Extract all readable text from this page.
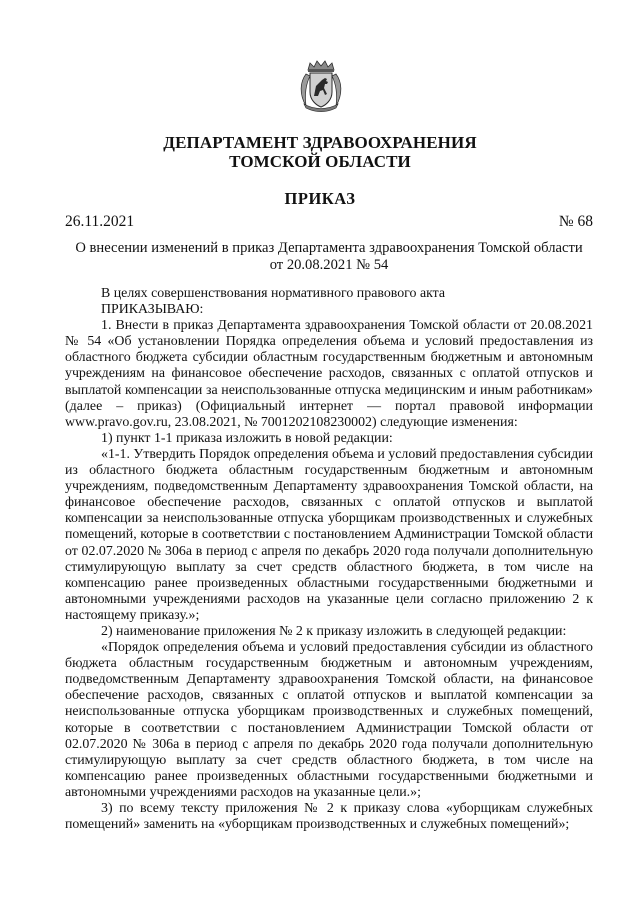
ДЕПАРТАМЕНТ ЗДРАВООХРАНЕНИЯ
ТОМСКОЙ ОБЛАСТИ
ПРИКАЗ
26.11.2021	№ 68
О внесении изменений в приказ Департамента здравоохранения Томской области
от 20.08.2021 № 54

В целях совершенствования нормативного правового акта

ПРИКАЗЫВАЮ:

1. Внести в приказ Департамента здравоохранения Томской области от 20.08.2021 № 54 «Об установлении Порядка определения объема и условий предоставления из областного бюджета субсидии областным государственным бюджетным и автономным учреждениям на финансовое обеспечение расходов, связанных с оплатой отпусков и выплатой компенсации за неиспользованные отпуска медицинским и иным работникам» (далее – приказ) (Официальный интернет — портал правовой информации www.pravo.gov.ru, 23.08.2021, № 7001202108230002) следующие изменения:

1) пункт 1-1 приказа изложить в новой редакции:

«1-1. Утвердить Порядок определения объема и условий предоставления субсидии из областного бюджета областным государственным бюджетным и автономным учреждениям, подведомственным Департаменту здравоохранения Томской области, на финансовое обеспечение расходов, связанных с оплатой отпусков и выплатой компенсации за неиспользованные отпуска уборщикам производственных и служебных помещений, которые в соответствии с постановлением Администрации Томской области от 02.07.2020 № 306а в период с апреля по декабрь 2020 года получали дополнительную стимулирующую выплату за счет средств областного бюджета, в том числе на компенсацию ранее произведенных областными государственными бюджетными и автономными учреждениями расходов на указанные цели согласно приложению 2 к настоящему приказу.»;

2) наименование приложения № 2 к приказу изложить в следующей редакции:

«Порядок определения объема и условий предоставления субсидии из областного бюджета областным государственным бюджетным и автономным учреждениям, подведомственным Департаменту здравоохранения Томской области, на финансовое обеспечение расходов, связанных с оплатой отпусков и выплатой компенсации за неиспользованные отпуска уборщикам производственных и служебных помещений, которые в соответствии с постановлением Администрации Томской области от 02.07.2020 № 306а в период с апреля по декабрь 2020 года получали дополнительную стимулирующую выплату за счет средств областного бюджета, в том числе на компенсацию ранее произведенных областными государственными бюджетными и автономными учреждениями расходов на указанные цели.»;

3) по всему тексту приложения № 2 к приказу слова «уборщикам служебных помещений» заменить на «уборщикам производственных и служебных помещений»;
